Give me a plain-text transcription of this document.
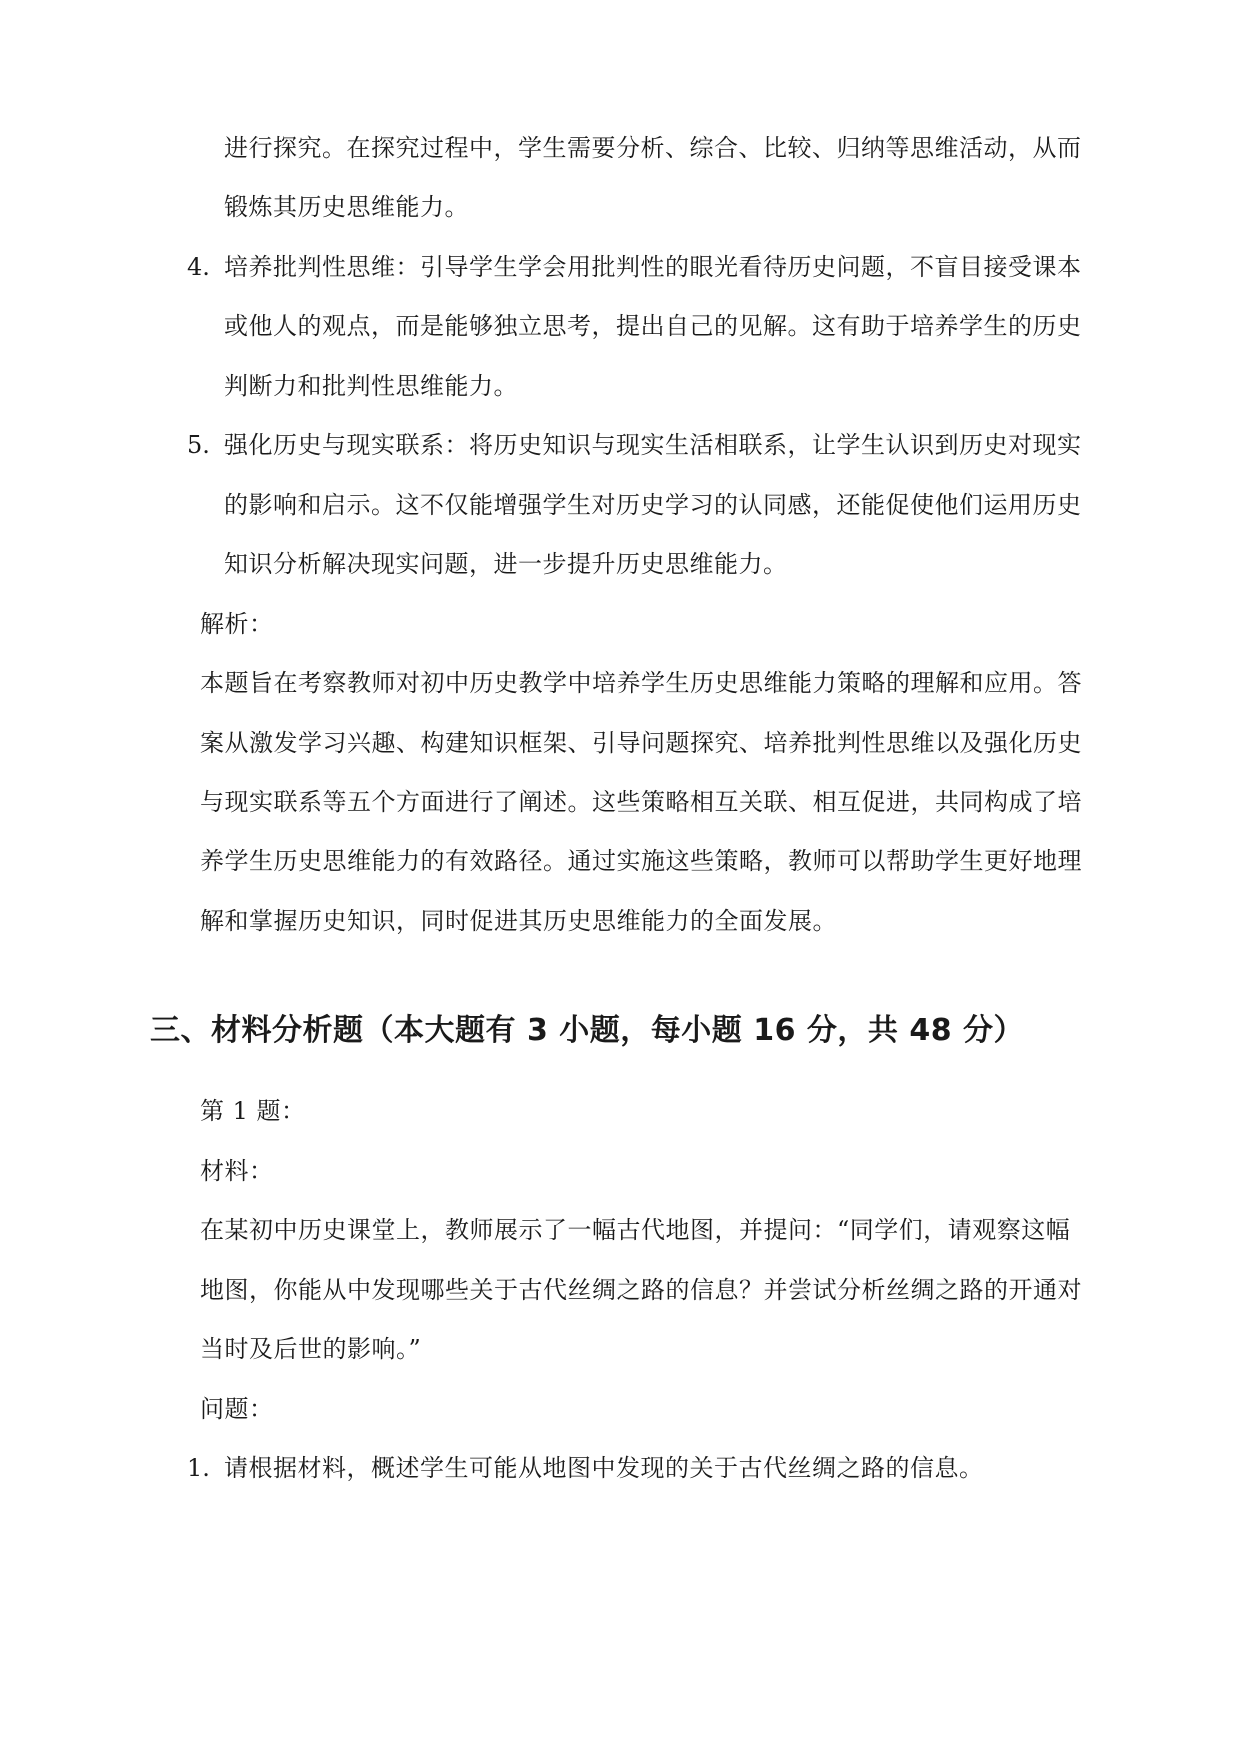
进行探究。在探究过程中，学生需要分析、综合、比较、归纳等思维活动，从而
锻炼其历史思维能力。
4. 培养批判性思维：引导学生学会用批判性的眼光看待历史问题，不盲目接受课本
或他人的观点，而是能够独立思考，提出自己的见解。这有助于培养学生的历史
判断力和批判性思维能力。
5. 强化历史与现实联系：将历史知识与现实生活相联系，让学生认识到历史对现实
的影响和启示。这不仅能增强学生对历史学习的认同感，还能促使他们运用历史
知识分析解决现实问题，进一步提升历史思维能力。
解析：
本题旨在考察教师对初中历史教学中培养学生历史思维能力策略的理解和应用。答
案从激发学习兴趣、构建知识框架、引导问题探究、培养批判性思维以及强化历史
与现实联系等五个方面进行了阐述。这些策略相互关联、相互促进，共同构成了培
养学生历史思维能力的有效路径。通过实施这些策略，教师可以帮助学生更好地理
解和掌握历史知识，同时促进其历史思维能力的全面发展。
三、材料分析题（本大题有 3 小题，每小题 16 分，共 48 分）
第 1 题：
材料：
在某初中历史课堂上，教师展示了一幅古代地图，并提问：“同学们，请观察这幅
地图，你能从中发现哪些关于古代丝绸之路的信息？并尝试分析丝绸之路的开通对
当时及后世的影响。”
问题：
1. 请根据材料，概述学生可能从地图中发现的关于古代丝绸之路的信息。
